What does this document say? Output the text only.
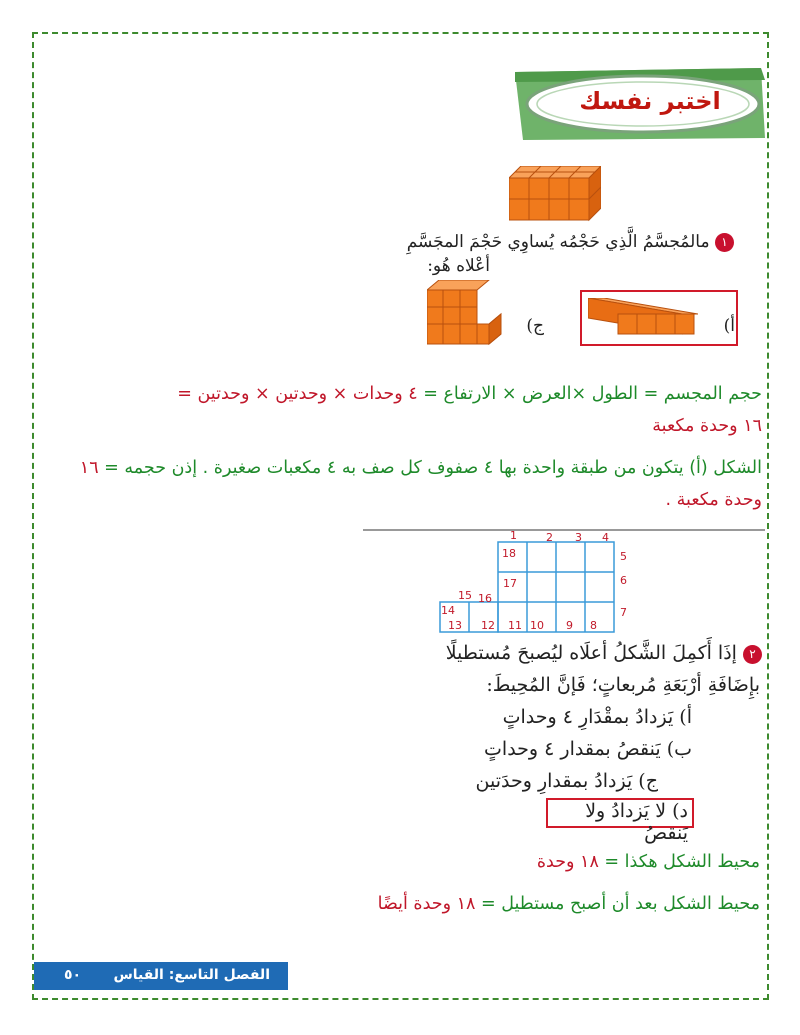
اختبر نفسك
١ مالمُجسَّمُ الَّذِي حَجْمُه يُساوِي حَجْمَ المجَسَّمِ
أعْلاه هُو:
أ)
ج)
حجم المجسم = الطول ×العرض × الارتفاع = ٤ وحدات × وحدتين × وحدتين =
١٦ وحدة مكعبة
الشكل (أ) يتكون من طبقة واحدة بها ٤ صفوف كل صف به ٤ مكعبات صغيرة . إذن حجمه = ١٦ وحدة مكعبة .
1	2 3 4
5
6
7
8
9
10
11
12
13
14
15 16
17
18
٢ إذَا أَكمِلَ الشَّكلُ أعلَاه ليُصبحَ مُستطيلًا
بإِضَافَةِ أرْبَعَةِ مُربعاتٍ؛ فَإنَّ المُحِيطَ:
أ) يَزدادُ بمقْدَارِ ٤ وحداتٍ
ب) يَنقصُ بمقدار ٤ وحداتٍ
ج) يَزدادُ بمقدارِ وحدَتين
د) لا يَزدادُ ولا يَنقصُ
محيط الشكل هكذا = ١٨ وحدة
محيط الشكل بعد أن أصبح مستطيل = ١٨ وحدة أيضًا
٥٠ الفصل التاسع: القياس
